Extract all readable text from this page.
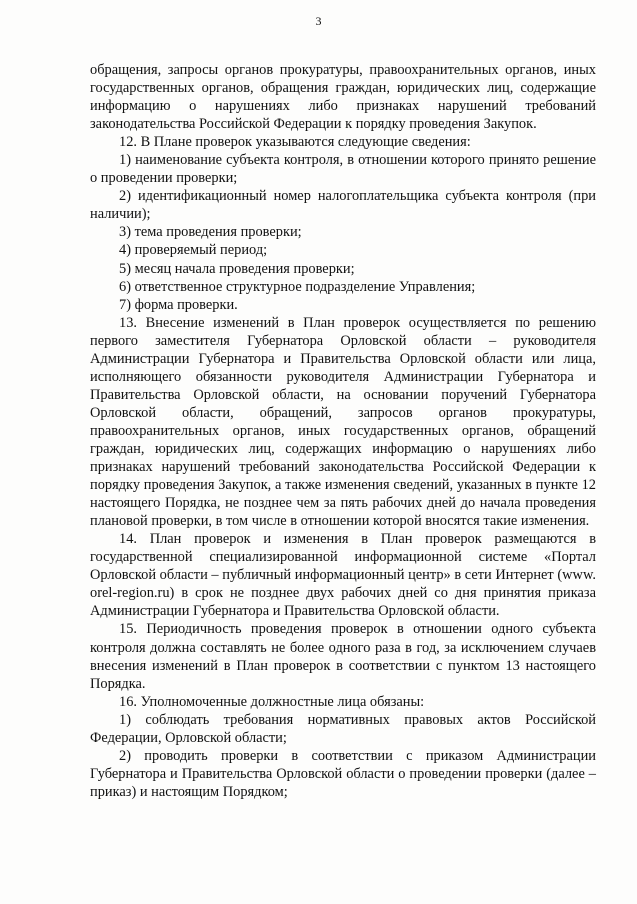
3

обращения, запросы органов прокуратуры, правоохранительных органов, иных государственных органов, обращения граждан, юридических лиц, содержащие информацию о нарушениях либо признаках нарушений требований законодательства Российской Федерации к порядку проведения Закупок.

12. В Плане проверок указываются следующие сведения:

1) наименование субъекта контроля, в отношении которого принято решение о проведении проверки;

2) идентификационный номер налогоплательщика субъекта контроля (при наличии);

3) тема проведения проверки;

4) проверяемый период;

5) месяц начала проведения проверки;

6) ответственное структурное подразделение Управления;

7) форма проверки.

13. Внесение изменений в План проверок осуществляется по решению первого заместителя Губернатора Орловской области – руководителя Администрации Губернатора и Правительства Орловской области или лица, исполняющего обязанности руководителя Администрации Губернатора и Правительства Орловской области, на основании поручений Губернатора Орловской области, обращений, запросов органов прокуратуры, правоохранительных органов, иных государственных органов, обращений граждан, юридических лиц, содержащих информацию о нарушениях либо признаках нарушений требований законодательства Российской Федерации к порядку проведения Закупок, а также изменения сведений, указанных в пункте 12 настоящего Порядка, не позднее чем за пять рабочих дней до начала проведения плановой проверки, в том числе в отношении которой вносятся такие изменения.

14. План проверок и изменения в План проверок размещаются в государственной специализированной информационной системе «Портал Орловской области – публичный информационный центр» в сети Интернет (www. orel-region.ru) в срок не позднее двух рабочих дней со дня принятия приказа Администрации Губернатора и Правительства Орловской области.

15. Периодичность проведения проверок в отношении одного субъекта контроля должна составлять не более одного раза в год, за исключением случаев внесения изменений в План проверок в соответствии с пунктом 13 настоящего Порядка.

16. Уполномоченные должностные лица обязаны:

1) соблюдать требования нормативных правовых актов Российской Федерации, Орловской области;

2) проводить проверки в соответствии с приказом Администрации Губернатора и Правительства Орловской области о проведении проверки (далее – приказ) и настоящим Порядком;
